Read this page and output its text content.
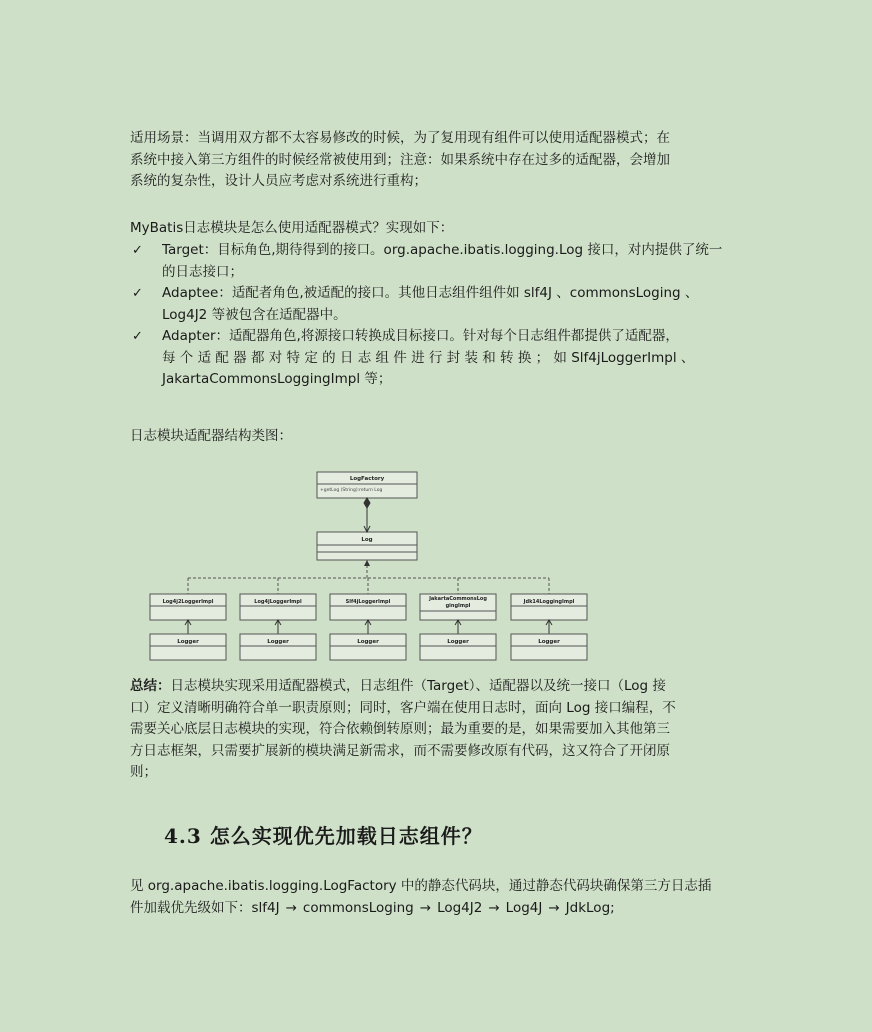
适用场景：当调用双方都不太容易修改的时候，为了复用现有组件可以使用适配器模式；在
系统中接入第三方组件的时候经常被使用到；注意：如果系统中存在过多的适配器，会增加
系统的复杂性，设计人员应考虑对系统进行重构；
MyBatis日志模块是怎么使用适配器模式？实现如下：
✓ Target：目标角色,期待得到的接口。org.apache.ibatis.logging.Log 接口，对内提供了统一
的日志接口；
✓ Adaptee：适配者角色,被适配的接口。其他日志组件组件如 slf4J 、commonsLoging 、
Log4J2 等被包含在适配器中。
✓ Adapter：适配器角色,将源接口转换成目标接口。针对每个日志组件都提供了适配器，
每 个 适 配 器 都 对 特 定 的 日 志 组 件 进 行 封 装 和 转 换 ； 如 Slf4jLoggerImpl 、
JakartaCommonsLoggingImpl 等；
日志模块适配器结构类图：
LogFactory
+getLog (String):return Log
Log
Log4j2LoggerImpl	Log4jLoggerImpl	Slf4jLoggerImpl	JakartaCommonsLog
gingImpl
Jdk14LoggingImpl
Logger	Logger	Logger	Logger	Logger
总结：日志模块实现采用适配器模式，日志组件（Target）、适配器以及统一接口（Log 接
口）定义清晰明确符合单一职责原则；同时，客户端在使用日志时，面向 Log 接口编程，不
需要关心底层日志模块的实现，符合依赖倒转原则；最为重要的是，如果需要加入其他第三
方日志框架，只需要扩展新的模块满足新需求，而不需要修改原有代码，这又符合了开闭原
则；
4.3 怎么实现优先加载日志组件？
见 org.apache.ibatis.logging.LogFactory 中的静态代码块，通过静态代码块确保第三方日志插
件加载优先级如下：slf4J → commonsLoging → Log4J2 → Log4J → JdkLog;
